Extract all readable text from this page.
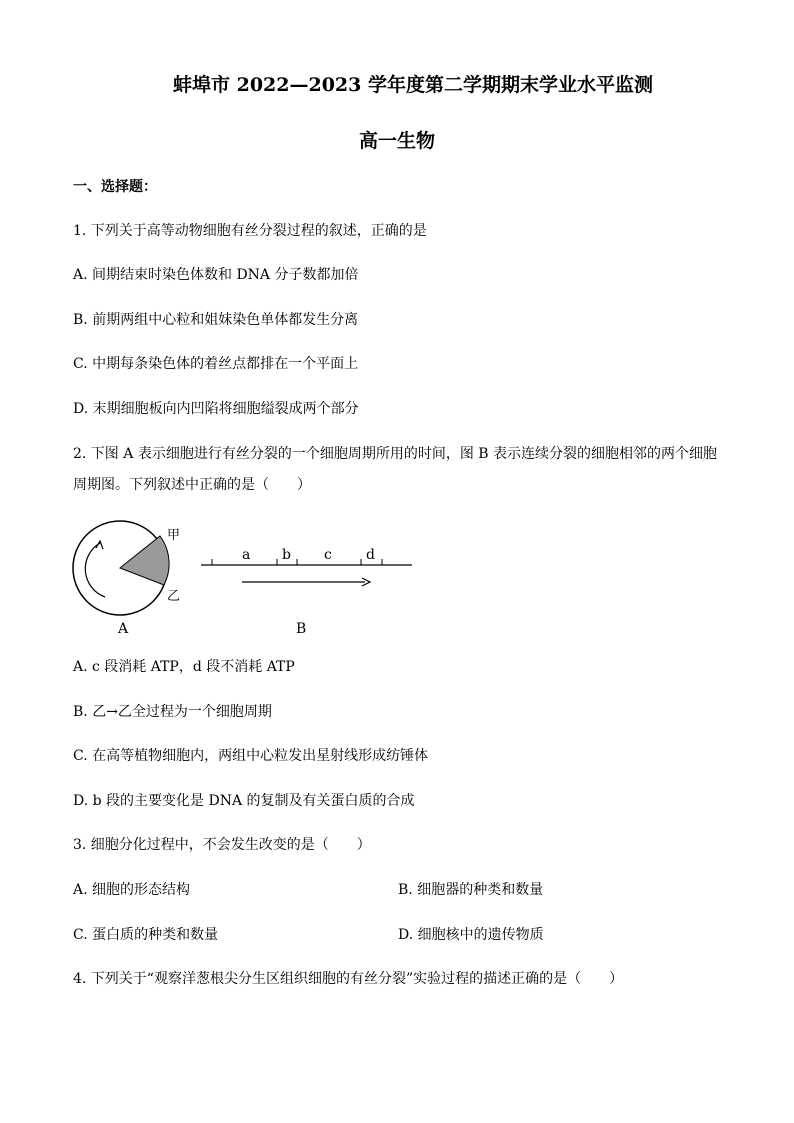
蚌埠市 2022—2023 学年度第二学期期末学业水平监测
高一生物
一、选择题：
1. 下列关于高等动物细胞有丝分裂过程的叙述，正确的是
A. 间期结束时染色体数和 DNA 分子数都加倍
B. 前期两组中心粒和姐妹染色单体都发生分离
C. 中期每条染色体的着丝点都排在一个平面上
D. 末期细胞板向内凹陷将细胞缢裂成两个部分
2. 下图 A 表示细胞进行有丝分裂的一个细胞周期所用的时间，图 B 表示连续分裂的细胞相邻的两个细胞
周期图。下列叙述中正确的是（　　）
甲
乙
A
a b c d
B
A. c 段消耗 ATP，d 段不消耗 ATP
B. 乙→乙全过程为一个细胞周期
C. 在高等植物细胞内，两组中心粒发出星射线形成纺锤体
D. b 段的主要变化是 DNA 的复制及有关蛋白质的合成
3. 细胞分化过程中，不会发生改变的是（　　）
A. 细胞的形态结构	B. 细胞器的种类和数量
C. 蛋白质的种类和数量	D. 细胞核中的遗传物质
4. 下列关于“观察洋葱根尖分生区组织细胞的有丝分裂”实验过程的描述正确的是（　　）
